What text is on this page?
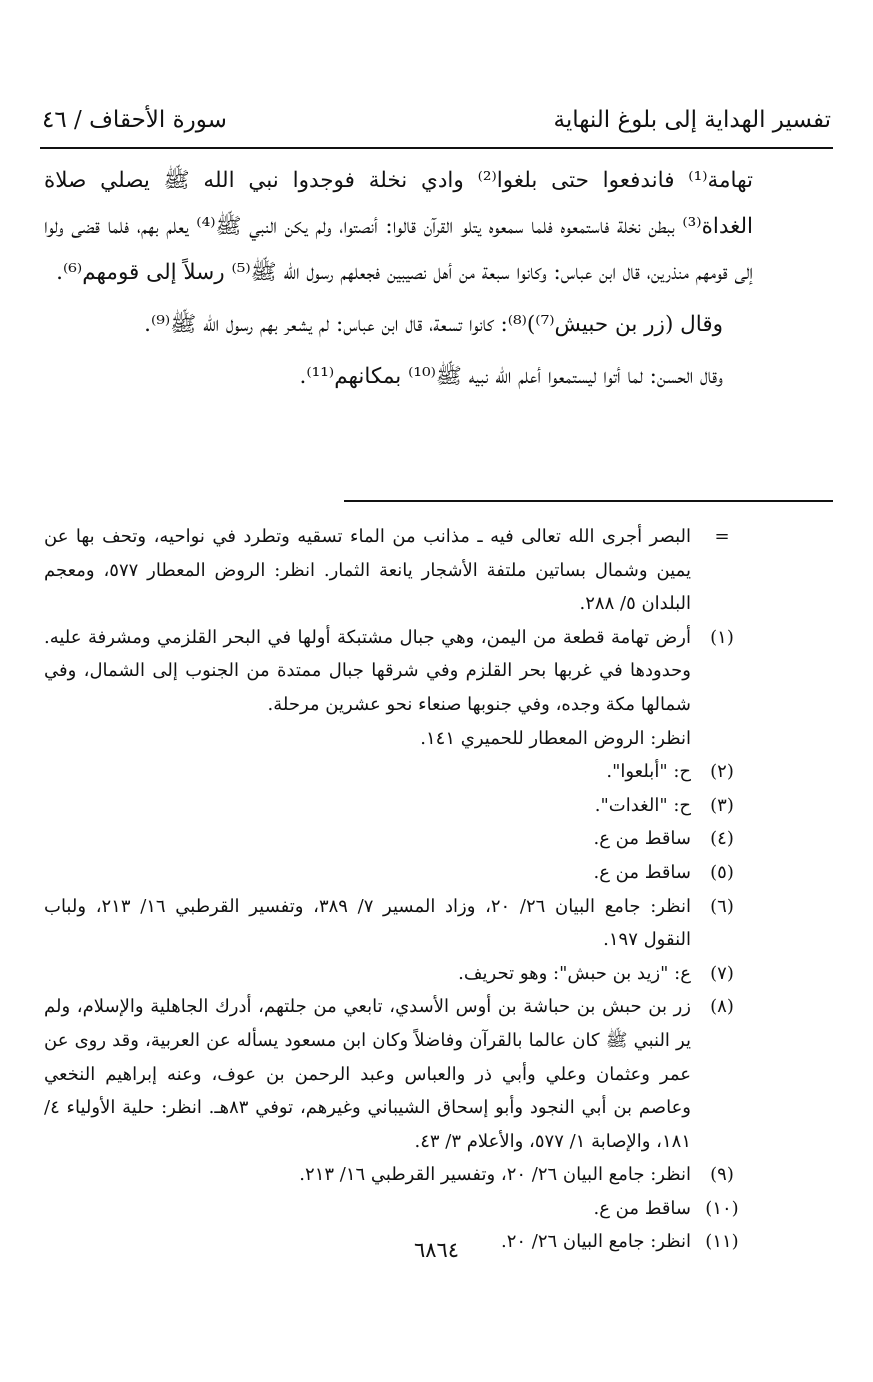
تفسير الهداية إلى بلوغ النهاية
سورة الأحقاف / ٤٦

تهامة⁽¹⁾ فاندفعوا حتى بلغوا⁽²⁾ وادي نخلة فوجدوا نبي الله ﷺ يصلي صلاة الغداة⁽³⁾ ببطن نخلة فاستمعوه فلما سمعوه يتلو القرآن قالوا: أنصتوا، ولم يكن النبي ﷺ⁽⁴⁾ يعلم بهم، فلما قضى ولوا إلى قومهم منذرين، قال ابن عباس: وكانوا سبعة من أهل نصيبين فجعلهم رسول الله ﷺ⁽⁵⁾ رسلاً إلى قومهم⁽⁶⁾.

وقال (زر بن حبيش⁽⁷⁾)⁽⁸⁾: كانوا تسعة، قال ابن عباس: لم يشعر بهم رسول الله ﷺ⁽⁹⁾.

وقال الحسن: لما أتوا ليستمعوا أعلم الله نبيه ﷺ⁽¹⁰⁾ بمكانهم⁽¹¹⁾.

=
البصر أجرى الله تعالى فيه ـ مذانب من الماء تسقيه وتطرد في نواحيه، وتحف بها عن يمين وشمال بساتين ملتفة الأشجار يانعة الثمار. انظر: الروض المعطار ٥٧٧، ومعجم البلدان ٥/ ٢٨٨.
(١)
أرض تهامة قطعة من اليمن، وهي جبال مشتبكة أولها في البحر القلزمي ومشرفة عليه. وحدودها في غربها بحر القلزم وفي شرقها جبال ممتدة من الجنوب إلى الشمال، وفي شمالها مكة وجده، وفي جنوبها صنعاء نحو عشرين مرحلة.
انظر: الروض المعطار للحميري ١٤١.
(٢)
ح: "أبلعوا".
(٣)
ح: "الغدات".
(٤)
ساقط من ع.
(٥)
ساقط من ع.
(٦)
انظر: جامع البيان ٢٦/ ٢٠، وزاد المسير ٧/ ٣٨٩، وتفسير القرطبي ١٦/ ٢١٣، ولباب النقول ١٩٧.
(٧)
ع: "زيد بن حبش": وهو تحريف.
(٨)
زر بن حبش بن حباشة بن أوس الأسدي، تابعي من جلتهم، أدرك الجاهلية والإسلام، ولم ير النبي ﷺ كان عالما بالقرآن وفاضلاً وكان ابن مسعود يسأله عن العربية، وقد روى عن عمر وعثمان وعلي وأبي ذر والعباس وعبد الرحمن بن عوف، وعنه إبراهيم النخعي وعاصم بن أبي النجود وأبو إسحاق الشيباني وغيرهم، توفي ٨٣هـ. انظر: حلية الأولياء ٤/ ١٨١، والإصابة ١/ ٥٧٧، والأعلام ٣/ ٤٣.
(٩)
انظر: جامع البيان ٢٦/ ٢٠، وتفسير القرطبي ١٦/ ٢١٣.
(١٠)
ساقط من ع.
(١١)
انظر: جامع البيان ٢٦/ ٢٠.
٦٨٦٤
